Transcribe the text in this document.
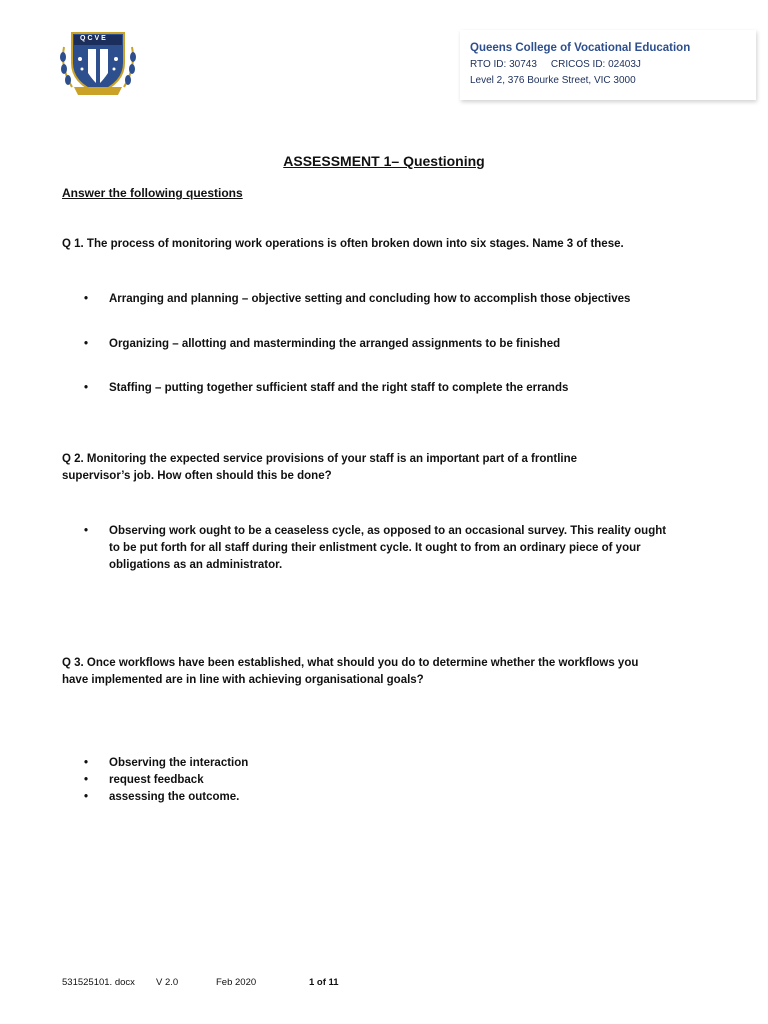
QCVE
Queens College of Vocational Education
RTO ID: 30743 CRICOS ID: 02403J
Level 2, 376 Bourke Street, VIC 3000
ASSESSMENT 1– Questioning
Answer the following questions
Q 1. The process of monitoring work operations is often broken down into six stages. Name 3 of these.
•	Arranging and planning – objective setting and concluding how to accomplish those objectives
•	Organizing – allotting and masterminding the arranged assignments to be finished
•	Staffing – putting together sufficient staff and the right staff to complete the errands
Q 2. Monitoring the expected service provisions of your staff is an important part of a frontline supervisor’s job. How often should this be done?
•	Observing work ought to be a ceaseless cycle, as opposed to an occasional survey. This reality ought to be put forth for all staff during their enlistment cycle. It ought to from an ordinary piece of your obligations as an administrator.
Q 3. Once workflows have been established, what should you do to determine whether the workflows you have implemented are in line with achieving organisational goals?
•	Observing the interaction
•	request feedback
•	assessing the outcome.
531525101. docx V 2.0	Feb 2020	1 of 11
